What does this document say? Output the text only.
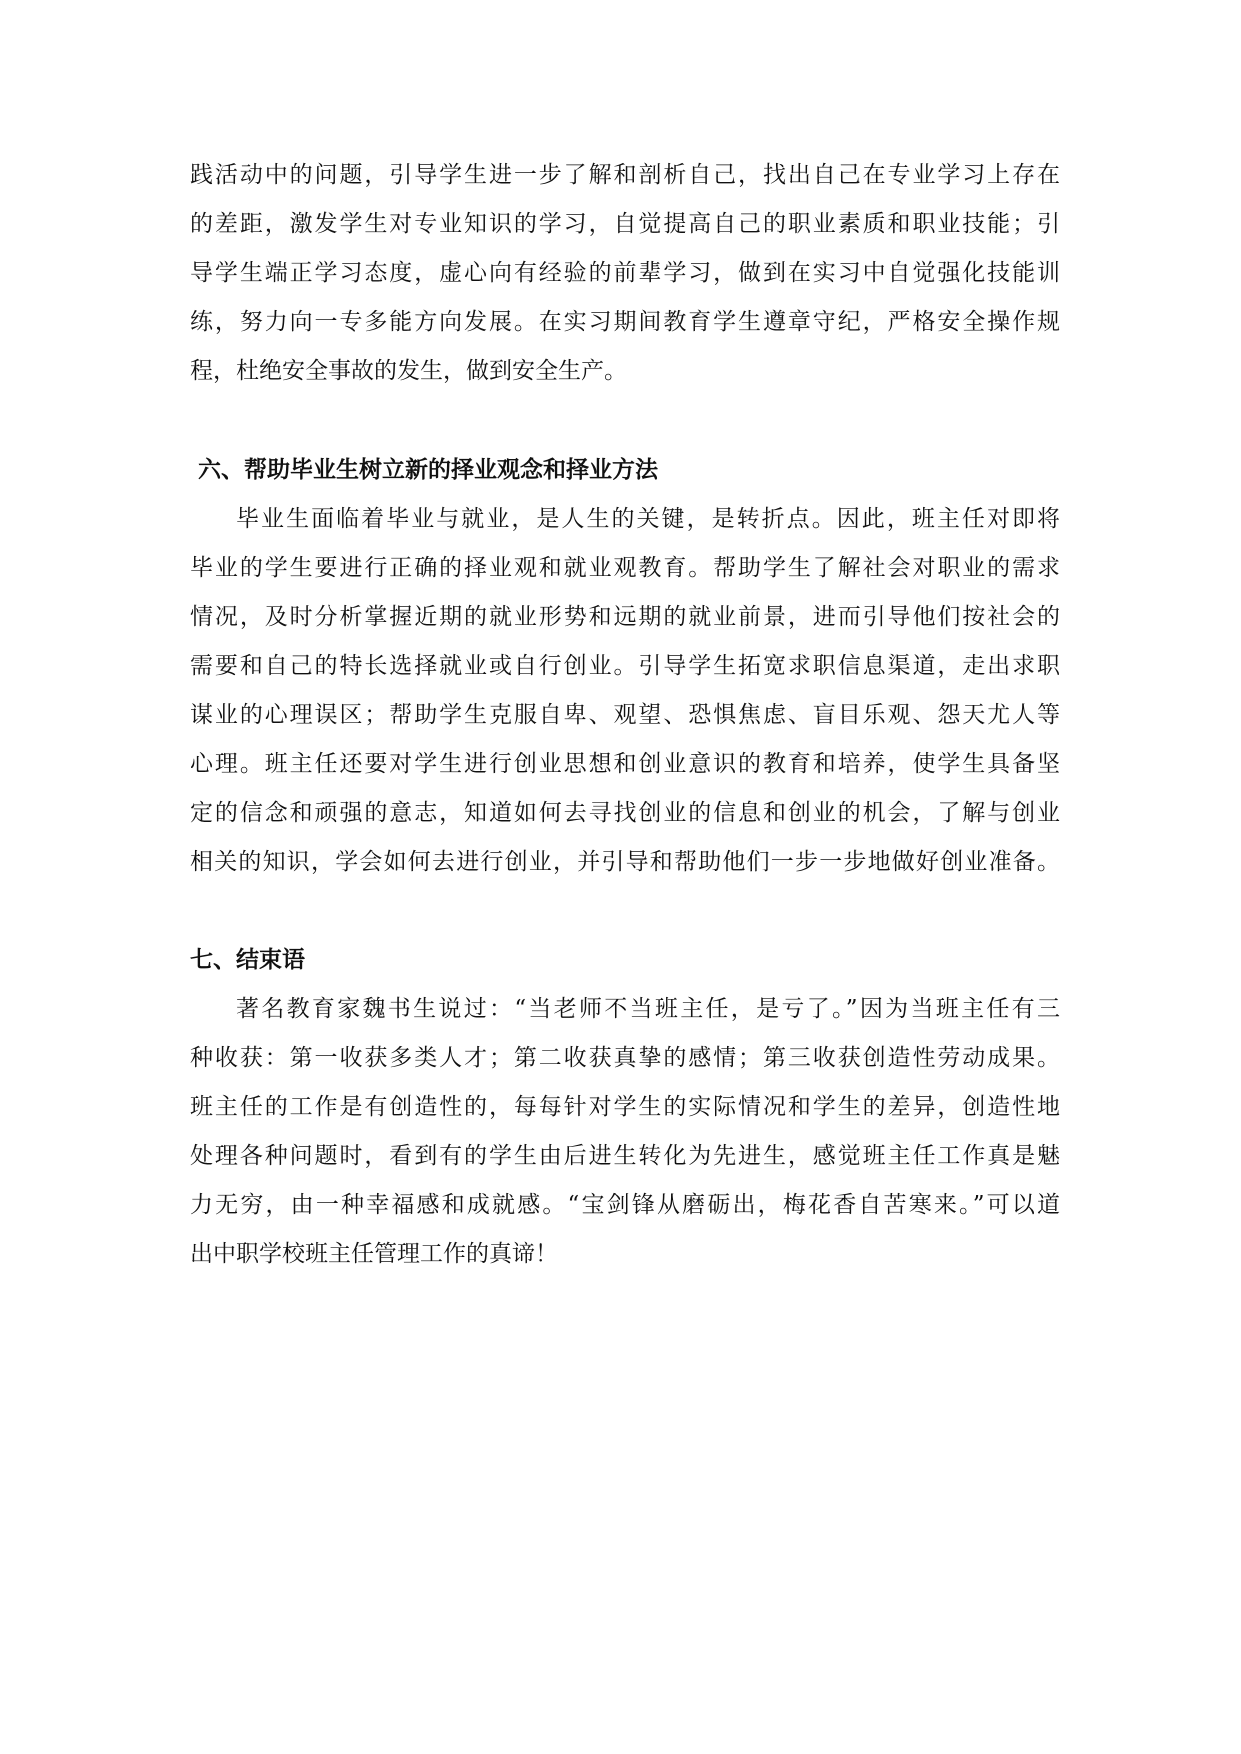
践活动中的问题，引导学生进一步了解和剖析自己，找出自己在专业学习上存在
的差距，激发学生对专业知识的学习，自觉提高自己的职业素质和职业技能；引
导学生端正学习态度，虚心向有经验的前辈学习，做到在实习中自觉强化技能训
练，努力向一专多能方向发展。在实习期间教育学生遵章守纪，严格安全操作规
程，杜绝安全事故的发生，做到安全生产。
六、帮助毕业生树立新的择业观念和择业方法
毕业生面临着毕业与就业，是人生的关键，是转折点。因此，班主任对即将
毕业的学生要进行正确的择业观和就业观教育。帮助学生了解社会对职业的需求
情况，及时分析掌握近期的就业形势和远期的就业前景，进而引导他们按社会的
需要和自己的特长选择就业或自行创业。引导学生拓宽求职信息渠道，走出求职
谋业的心理误区；帮助学生克服自卑、观望、恐惧焦虑、盲目乐观、怨天尤人等
心理。班主任还要对学生进行创业思想和创业意识的教育和培养，使学生具备坚
定的信念和顽强的意志，知道如何去寻找创业的信息和创业的机会，了解与创业
相关的知识，学会如何去进行创业，并引导和帮助他们一步一步地做好创业准备。
七、结束语
著名教育家魏书生说过：“当老师不当班主任，是亏了。”因为当班主任有三
种收获：第一收获多类人才；第二收获真挚的感情；第三收获创造性劳动成果。
班主任的工作是有创造性的，每每针对学生的实际情况和学生的差异，创造性地
处理各种问题时，看到有的学生由后进生转化为先进生，感觉班主任工作真是魅
力无穷，由一种幸福感和成就感。“宝剑锋从磨砺出，梅花香自苦寒来。”可以道
出中职学校班主任管理工作的真谛！
